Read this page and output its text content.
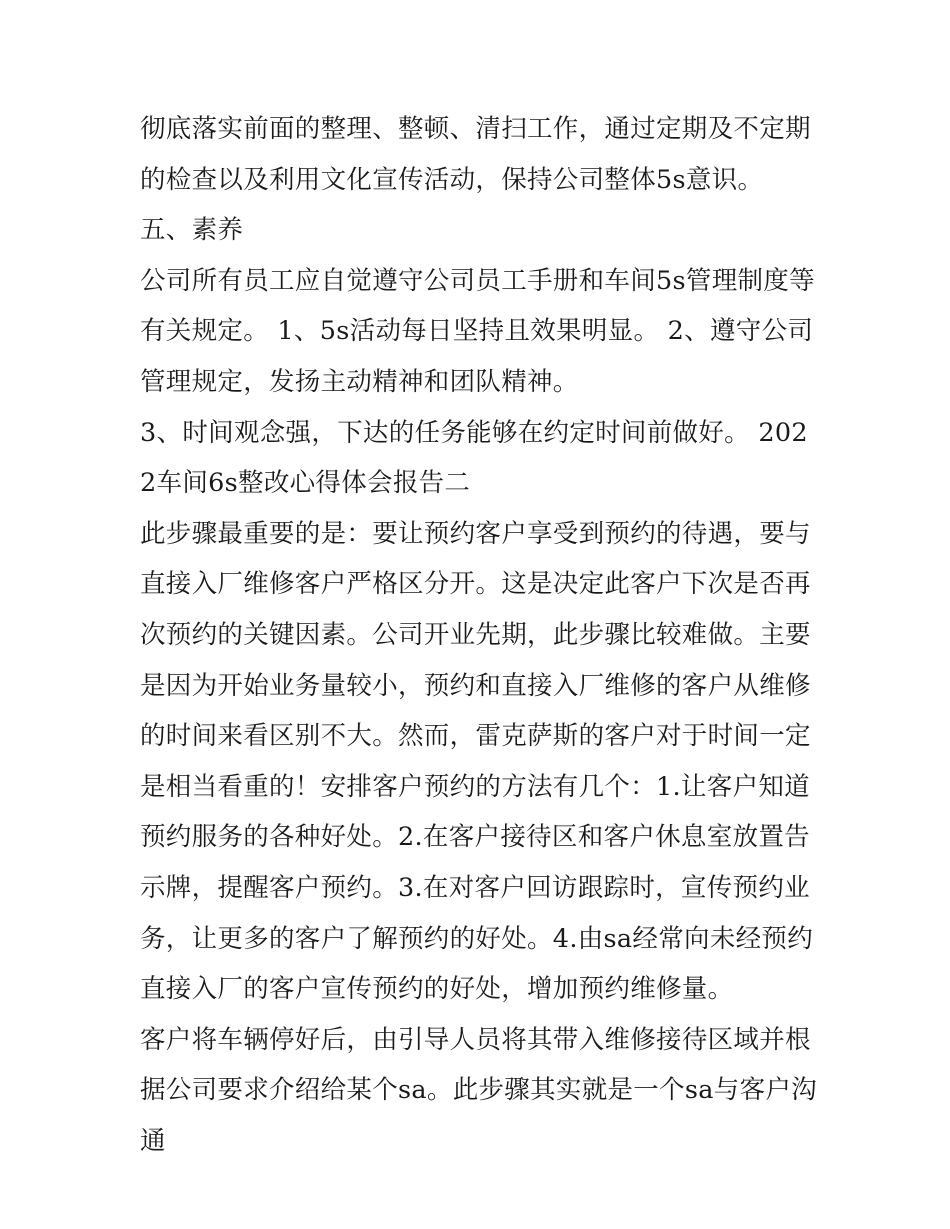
彻底落实前面的整理、整顿、清扫工作，通过定期及不定期的检查以及利用文化宣传活动，保持公司整体5s意识。 五、素养

公司所有员工应自觉遵守公司员工手册和车间5s管理制度等有关规定。 1、5s活动每日坚持且效果明显。 2、遵守公司管理规定，发扬主动精神和团队精神。

3、时间观念强，下达的任务能够在约定时间前做好。 2022车间6s整改心得体会报告二

此步骤最重要的是：要让预约客户享受到预约的待遇，要与直接入厂维修客户严格区分开。这是决定此客户下次是否再次预约的关键因素。公司开业先期，此步骤比较难做。主要是因为开始业务量较小，预约和直接入厂维修的客户从维修的时间来看区别不大。然而，雷克萨斯的客户对于时间一定是相当看重的！安排客户预约的方法有几个：1.让客户知道预约服务的各种好处。2.在客户接待区和客户休息室放置告示牌，提醒客户预约。3.在对客户回访跟踪时，宣传预约业务，让更多的客户了解预约的好处。4.由sa经常向未经预约直接入厂的客户宣传预约的好处，增加预约维修量。

客户将车辆停好后，由引导人员将其带入维修接待区域并根据公司要求介绍给某个sa。此步骤其实就是一个sa与客户沟通
